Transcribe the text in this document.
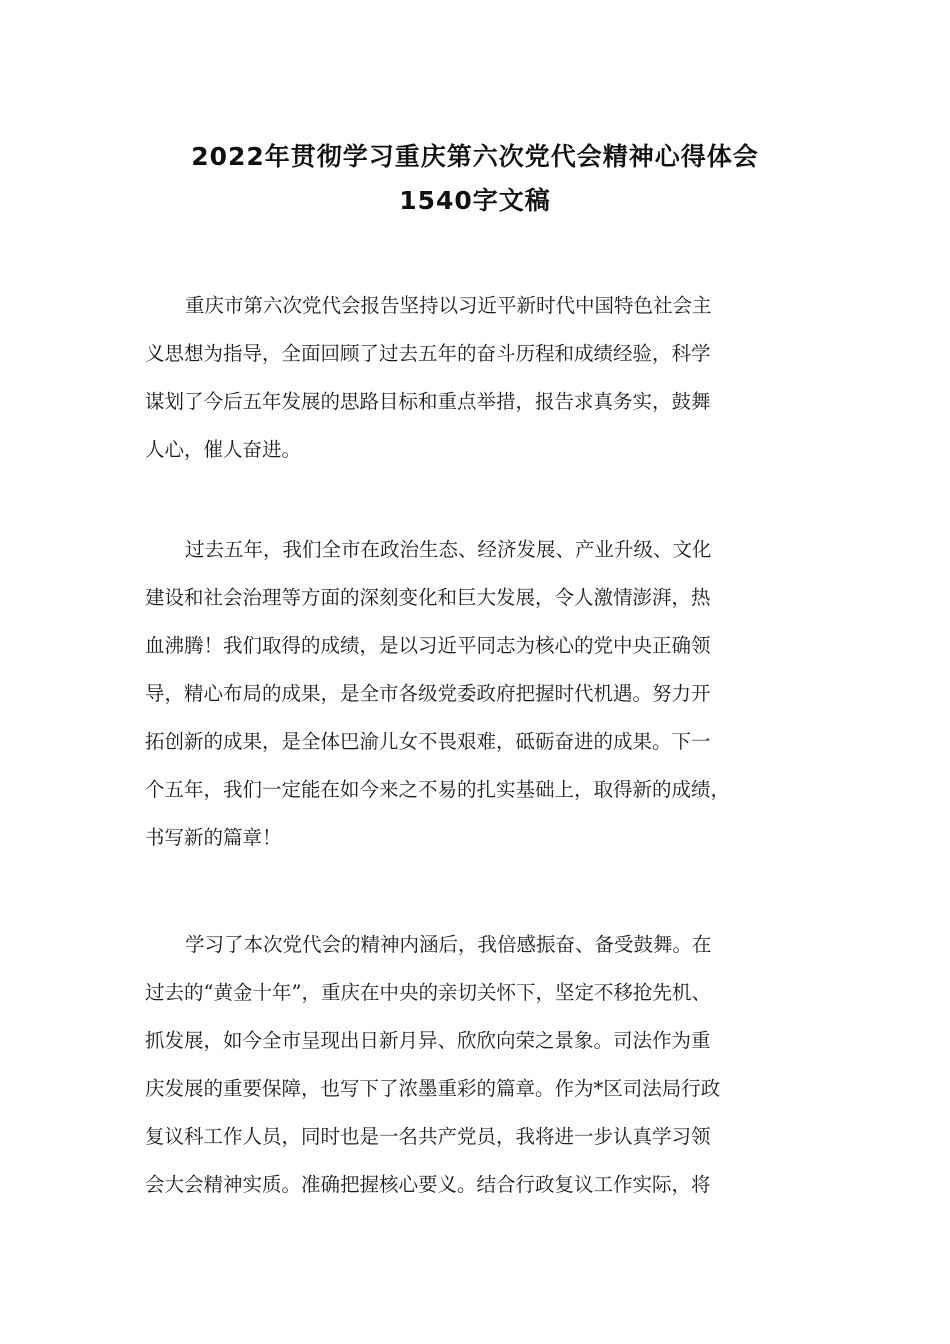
2022年贯彻学习重庆第六次党代会精神心得体会
1540字文稿
重庆市第六次党代会报告坚持以习近平新时代中国特色社会主
义思想为指导，全面回顾了过去五年的奋斗历程和成绩经验，科学
谋划了今后五年发展的思路目标和重点举措，报告求真务实，鼓舞
人心，催人奋进。
过去五年，我们全市在政治生态、经济发展、产业升级、文化
建设和社会治理等方面的深刻变化和巨大发展，令人激情澎湃，热
血沸腾！我们取得的成绩，是以习近平同志为核心的党中央正确领
导，精心布局的成果，是全市各级党委政府把握时代机遇。努力开
拓创新的成果，是全体巴渝儿女不畏艰难，砥砺奋进的成果。下一
个五年，我们一定能在如今来之不易的扎实基础上，取得新的成绩，
书写新的篇章！
学习了本次党代会的精神内涵后，我倍感振奋、备受鼓舞。在
过去的“黄金十年”，重庆在中央的亲切关怀下，坚定不移抢先机、
抓发展，如今全市呈现出日新月异、欣欣向荣之景象。司法作为重
庆发展的重要保障，也写下了浓墨重彩的篇章。作为*区司法局行政
复议科工作人员，同时也是一名共产党员，我将进一步认真学习领
会大会精神实质。准确把握核心要义。结合行政复议工作实际，将
